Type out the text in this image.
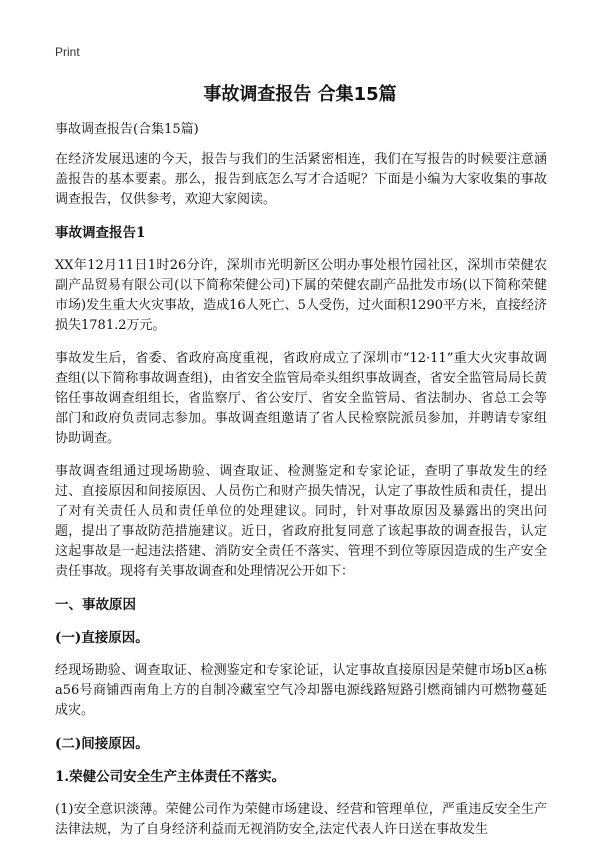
Print
事故调查报告 合集15篇
事故调查报告(合集15篇)

在经济发展迅速的今天，报告与我们的生活紧密相连，我们在写报告的时候要注意涵盖报告的基本要素。那么，报告到底怎么写才合适呢？下面是小编为大家收集的事故调查报告，仅供参考，欢迎大家阅读。

事故调查报告1

XX年12月11日1时26分许，深圳市光明新区公明办事处根竹园社区，深圳市荣健农副产品贸易有限公司(以下简称荣健公司)下属的荣健农副产品批发市场(以下简称荣健市场)发生重大火灾事故，造成16人死亡、5人受伤，过火面积1290平方米，直接经济损失1781.2万元。

事故发生后，省委、省政府高度重视，省政府成立了深圳市“12·11”重大火灾事故调查组(以下简称事故调查组)，由省安全监管局牵头组织事故调查，省安全监管局局长黄铭任事故调查组组长，省监察厅、省公安厅、省安全监管局、省法制办、省总工会等部门和政府负责同志参加。事故调查组邀请了省人民检察院派员参加，并聘请专家组协助调查。

事故调查组通过现场勘验、调查取证、检测鉴定和专家论证，查明了事故发生的经过、直接原因和间接原因、人员伤亡和财产损失情况，认定了事故性质和责任，提出了对有关责任人员和责任单位的处理建议。同时，针对事故原因及暴露出的突出问题，提出了事故防范措施建议。近日，省政府批复同意了该起事故的调查报告，认定这起事故是一起违法搭建、消防安全责任不落实、管理不到位等原因造成的生产安全责任事故。现将有关事故调查和处理情况公开如下：

一、事故原因
(一)直接原因。

经现场勘验、调查取证、检测鉴定和专家论证，认定事故直接原因是荣健市场b区a栋a56号商铺西南角上方的自制冷藏室空气冷却器电源线路短路引燃商铺内可燃物蔓延成灾。

(二)间接原因。
1.荣健公司安全生产主体责任不落实。

(1)安全意识淡薄。荣健公司作为荣健市场建设、经营和管理单位，严重违反安全生产法律法规，为了自身经济利益而无视消防安全,法定代表人许日送在事故发生
